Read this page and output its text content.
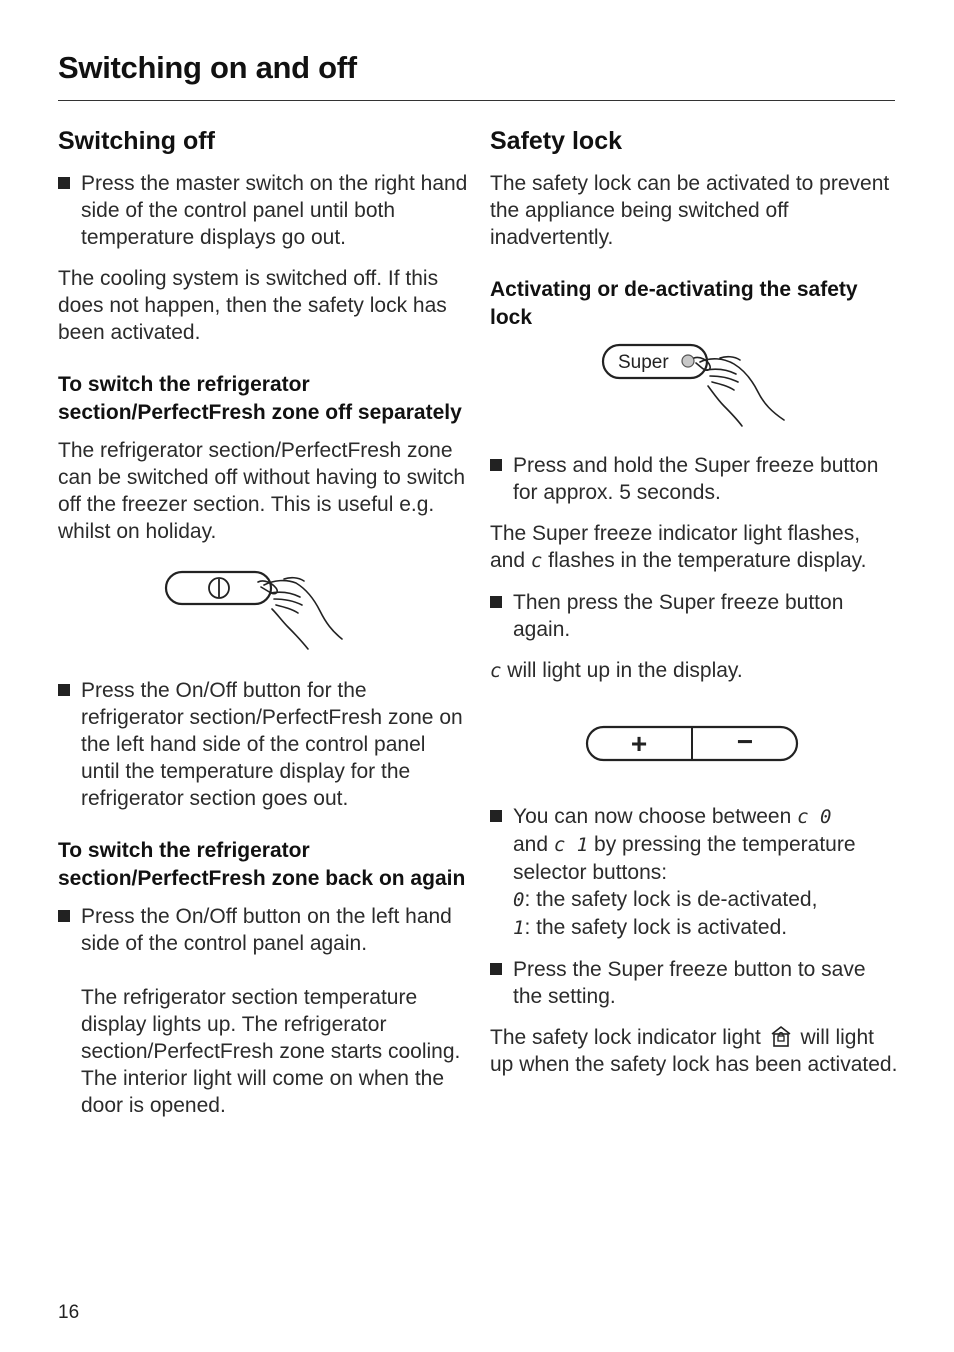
Switching on and off
Switching off
Press the master switch on the right hand side of the control panel until both temperature displays go out.

The cooling system is switched off. If this does not happen, then the safety lock has been activated.

To switch the refrigerator section/PerfectFresh zone off separately

The refrigerator section/PerfectFresh zone can be switched off without having to switch off the freezer section. This is useful e.g. whilst on holiday.

Press the On/Off button for the refrigerator section/PerfectFresh zone on the left hand side of the control panel until the temperature display for the refrigerator section goes out.
To switch the refrigerator section/PerfectFresh zone back on again
Press the On/Off button on the left hand side of the control panel again.
The refrigerator section temperature display lights up. The refrigerator section/PerfectFresh zone starts cooling. The interior light will come on when the door is opened.
Safety lock

The safety lock can be activated to prevent the appliance being switched off inadvertently.

Activating or de-activating the safety lock
Super
Press and hold the Super freeze button for approx. 5 seconds.

The Super freeze indicator light flashes, and c flashes in the temperature display.

Then press the Super freeze button again.

c will light up in the display.

+	−
You can now choose between c 0
and c 1 by pressing the temperature selector buttons:
0: the safety lock is de-activated,
1: the safety lock is activated.
Press the Super freeze button to save the setting.

The safety lock indicator light  will light up when the safety lock has been activated.

16
